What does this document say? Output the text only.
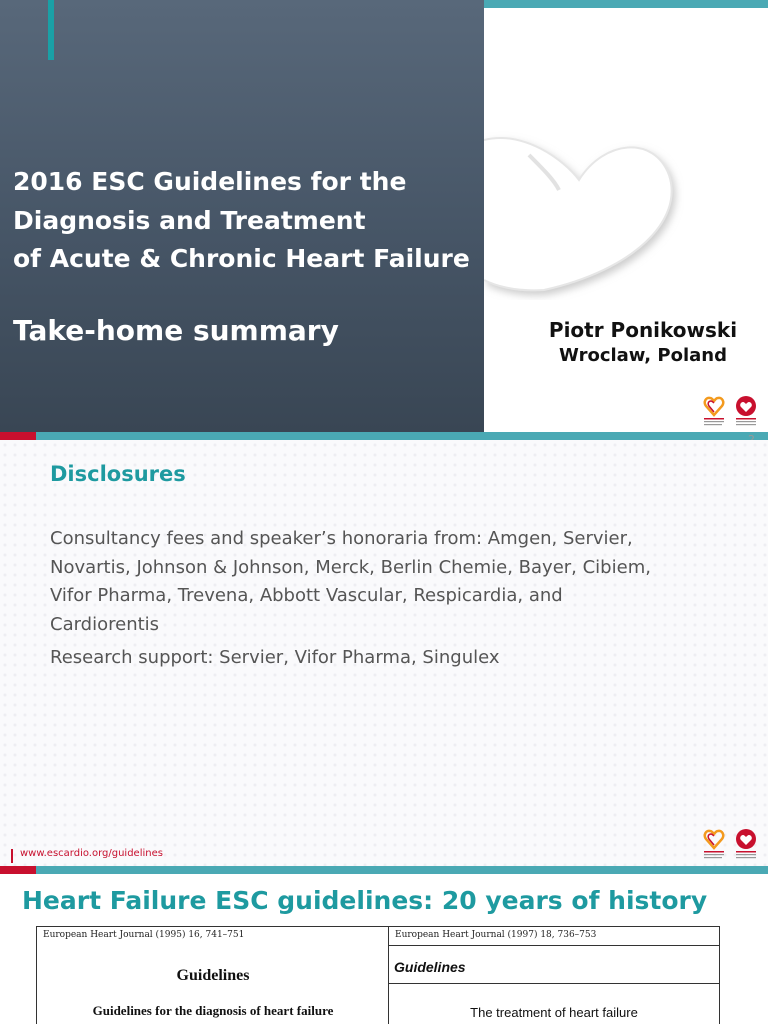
2016 ESC Guidelines for the
Diagnosis and Treatment
of Acute & Chronic Heart Failure
Take-home summary	Piotr Ponikowski
Wroclaw, Poland
Disclosures
Consultancy fees and speaker’s honoraria from: Amgen, Servier,
Novartis, Johnson & Johnson, Merck, Berlin Chemie, Bayer, Cibiem,
Vifor Pharma, Trevena, Abbott Vascular, Respicardia, and
Cardiorentis
Research support: Servier, Vifor Pharma, Singulex
www.escardio.org/guidelines
Heart Failure ESC guidelines: 20 years of history
European Heart Journal (1995) 16, 741–751
Guidelines
Guidelines for the diagnosis of heart failure
European Heart Journal (1997) 18, 736–753
Guidelines
The treatment of heart failure
